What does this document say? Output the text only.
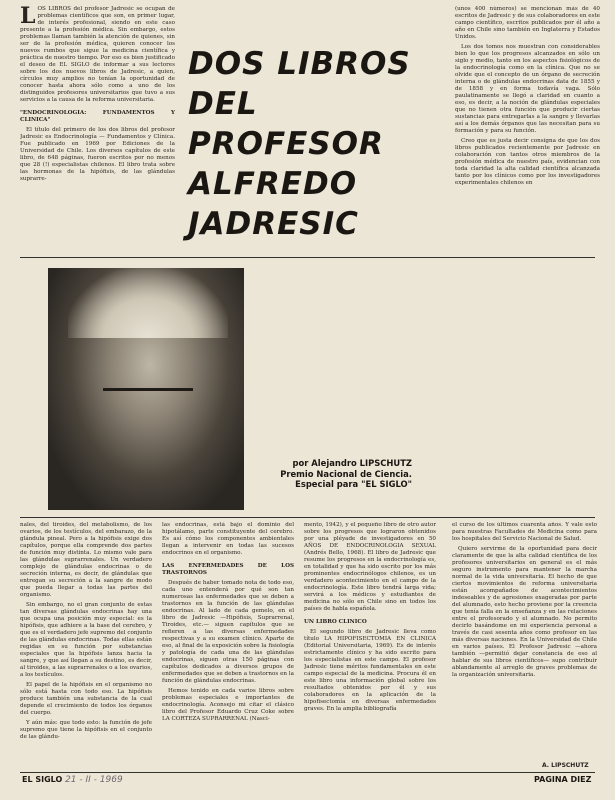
L OS LIBROS del profesor Jadresic se ocupan de problemas científicos que son, en primer lugar, de interés profesional, siendo en este caso presente a la profesión médica. Sin embargo, estos problemas llaman también la atención de quienes, sin ser de la profesión médica, quieren conocer los nuevos rumbos que sigue la medicina científica y práctica de nuestro tiempo. Por eso es bien justificado el deseo de EL SIGLO de informar a sus lectores sobre los dos nuevos libros de Jadresic, a quien, círculos muy amplios no tenían la oportunidad de conocer hasta ahora sólo como a uno de los distinguidos profesores universitarios que tuvo a sus servicios a la causa de la reforma universitaria.

"ENDOCRINOLOGIA: FUNDAMENTOS Y CLINICA"

El título del primero de los dos libros del profesor Jadresic es Endocrinología — Fundamentos y Clínica. Fue publicado en 1969 por Ediciones de la Universidad de Chile. Los diversos capítulos de este libro, de 648 páginas, fueron escritos por no menos que 28 (!) especialistas chilenos. El libro trata sobre las hormonas de la hipófisis, de las glándulas suprarre-

DOS LIBROS DEL
PROFESOR
ALFREDO
JADRESIC

(unos 400 números) se mencionan más de 40 escritos de Jadresic y de sus colaboradores en este campo científico, escritos publicados por él año a año en Chile sino también en Inglaterra y Estados Unidos.

Los dos tomos nos muestran con considerables bien lo que los progresos alcanzados en sólo un siglo y medio, tanto en los aspectos fisiológicos de la endocrinología como en la clínica. Que no se olvide que el concepto de un órgano de secreción interna o de glándulas endocrinas data de 1855 y de 1858 y en forma todavía vaga. Sólo paulatinamente se llegó a claridad en cuanto a eso, es decir, a la noción de glándulas especiales que no tienen otra función que producir ciertas sustancias para entregarlas a la sangre y llevarlas así a los demás órganos que las necesitan para su formación y para su función.

Creo que es justa decir consigna de que los dos libros publicados recientemente por Jadresic en colaboración con tantos otros miembros de la profesión médica de nuestro país, evidencian con toda claridad la alta calidad científica alcanzada tanto por los clínicos como por los investigadores experimentales chilenos en

por Alejandro LIPSCHUTZ
Premio Nacional de Ciencia.
Especial para "EL SIGLO"

nales, del tiroides, del metabolismo, de los ovarios, de los testículos, del embarazo, de la glándula pineal. Pero a la hipófisis exige dos capítulos, porque ella comprende dos partes de función muy distinta. Lo mismo vale para las glándulas suprarrenales. Un verdadero complejo de glándulas endocrinas o de secreción interna, es decir, de glándulas que entregan su secreción a la sangre de modo que pueda llegar a todas las partes del organismo.

Sin embargo, no el gran conjunto de estas tan diversas glándulas endocrinas hay una que ocupa una posición muy especial: es la hipófisis, que adhiere a la base del cerebro, y que es el verdadero jefe supremo del conjunto de las glándulas endocrinas. Todas ellas están regidas en su función por substancias especiales que la hipófisis lanza hacia la sangre, y que así llegan a su destino, es decir, al tiroides, a las suprarrenales o a los ovarios, a los testículos.

El papel de la hipófisis en el organismo no sólo está hasta con todo eso. La hipófisis produce también una substancia de la cual depende el crecimiento de todos los órganos del cuerpo.

Y aún más: que todo esto: la función de jefe supremo que tiene la hipófisis en el conjunto de las glándu-

las endocrinas, está bajo el dominio del hipotálamo, parte constituyente del cerebro. Es así cómo los componentes ambientales llegan a intervenir en todas las sucesos endocrinos en el organismo.

LAS ENFERMEDADES DE LOS TRASTORNOS

Después de haber tomado nota de todo eso, cada uno entenderá por qué son tan numerosas las enfermedades que se deben a trastornos en la función de las glándulas endocrinas. Al lado de cada gemelo, en el libro de Jadresic —Hipófisis, Suprarrenal, Tiroides, etc.— siguen capítulos que se refieren a las diversas enfermedades respectivas y a su examen clínico. Aparte de eso, al final de la exposición sobre la fisiología y patología de cada una de las glándulas endocrinas, siguen otras 150 páginas con capítulos dedicados a diversos grupos de enfermedades que se deben a trastornos en la función de glándulas endocrinas.

Hemos tenido en cada varios libros sobre problemas especiales e importantes de endocrinología. Aconsejo mi citar el clásico libro del Profesor Eduardo Cruz Coke sobre LA CORTEZA SUPRARRENAL (Nasci-

mento, 1942), y el pequeño libro de otro autor sobre los progresos que lograron obtenidos por una pléyade de investigadores en 50 AÑOS DE ENDOCRINOLOGIA SEXUAL (Andrés Bello, 1968). El libro de Jadresic que resume los progresos en la endocrinología es, en totalidad y que ha sido escrito por los más prominentes endocrinólogos chilenos, es un verdadero acontecimiento en el campo de la endocrinología. Este libro tendrá larga vida; servirá a los médicos y estudiantes de medicina no sólo en Chile sino en todos los países de habla española.

UN LIBRO CLINICO

El segundo libro de Jadresic lleva como título LA HIPOFISECTOMIA EN CLINICA (Editorial Universitaria, 1969). Es de interés estrictamente clínico y ha sido escrito para los especialistas en este campo. El profesor Jadresic tiene méritos fundamentales en este campo especial de la medicina. Procura él en este libro una información global sobre los resultados obtenidos por él y sus colaboradores en la aplicación de la hipofisectomía en diversas enfermedades graves. En la amplia bibliografía

el curso de los últimos cuarenta años. Y vale esto para nuestras Facultades de Medicina como para los hospitales del Servicio Nacional de Salud.

Quiero servirme de la oportunidad para decir claramente de que la alta calidad científica de los profesores universitarios en general es el más seguro instrumento para mantener la marcha normal de la vida universitaria. El hecho de que ciertos movimientos de reforma universitaria están acompañados de acontecimientos indeseables y de agresiones exageradas por parte del alumnado, esto hecho proviene por la creencia que tenía falla en la enseñanza y en las relaciones entre el profesorado y el alumnado. No permito decirlo basándome en mi experiencia personal a través de casi sesenta años como profesor en las más diversas naciones. En la Universidad de Chile en varios países. El Profesor Jadresic —ahora también —permitió dejar constancia de eso al hablar de sus libros científicos— supo contribuir ablandamente al arreglo de graves problemas de la organización universitaria.

A. LIPSCHUTZ
EL SIGLO 21 - II - 1969	PAGINA DIEZ
